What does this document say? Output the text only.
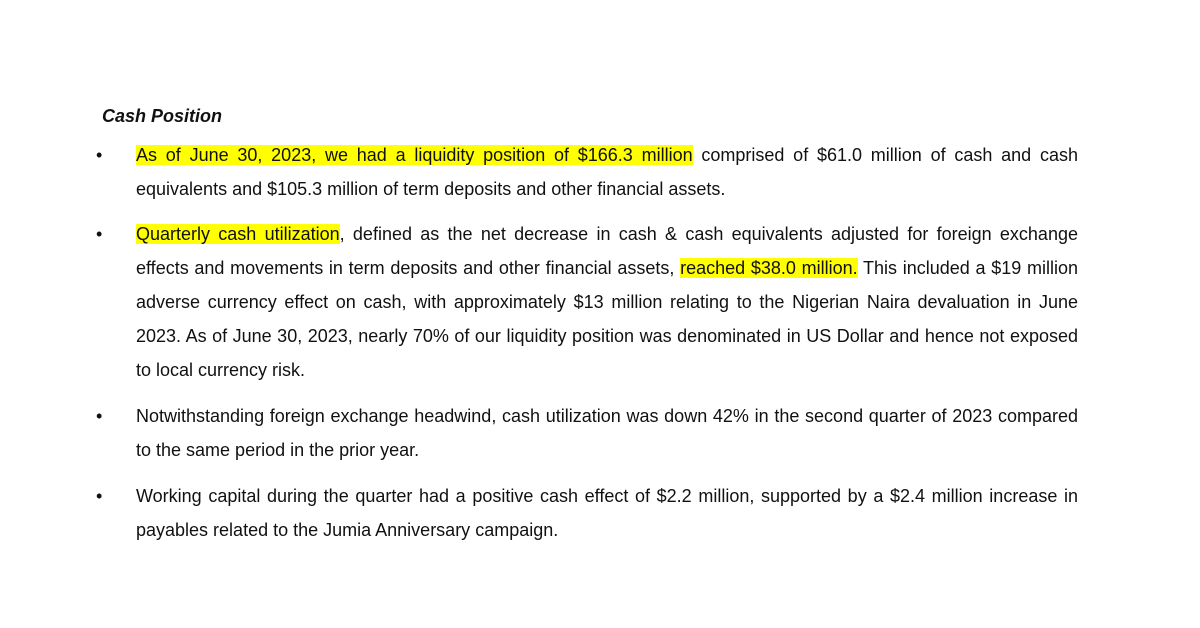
Cash Position
•	As of June 30, 2023, we had a liquidity position of $166.3 million comprised of $61.0 million of cash and cash equivalents and $105.3 million of term deposits and other financial assets.

•	Quarterly cash utilization, defined as the net decrease in cash & cash equivalents adjusted for foreign exchange effects and movements in term deposits and other financial assets, reached $38.0 million. This included a $19 million adverse currency effect on cash, with approximately $13 million relating to the Nigerian Naira devaluation in June 2023. As of June 30, 2023, nearly 70% of our liquidity position was denominated in US Dollar and hence not exposed to local currency risk.

•	Notwithstanding foreign exchange headwind, cash utilization was down 42% in the second quarter of 2023 compared to the same period in the prior year.

•	Working capital during the quarter had a positive cash effect of $2.2 million, supported by a $2.4 million increase in payables related to the Jumia Anniversary campaign.
